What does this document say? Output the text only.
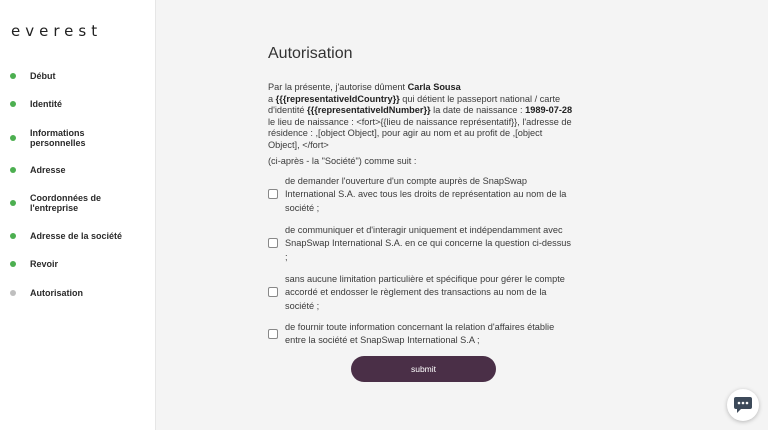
everest
Début
Identité
Informations personnelles
Adresse
Coordonnées de l'entreprise
Adresse de la société
Revoir
Autorisation
Autorisation
Par la présente, j'autorise dûment Carla Sousa
a {{{representativeIdCountry}} qui détient le passeport national / carte d'identité {{{representativeIdNumber}} la date de naissance : 1989-07-28 le lieu de naissance : <fort>{{lieu de naissance représentatif}}, l'adresse de résidence : ,[object Object], pour agir au nom et au profit de ,[object Object], </fort>
(ci-après - la "Société") comme suit :
de demander l'ouverture d'un compte auprès de SnapSwap International S.A. avec tous les droits de représentation au nom de la société ;
de communiquer et d'interagir uniquement et indépendamment avec SnapSwap International S.A. en ce qui concerne la question ci-dessus ;
sans aucune limitation particulière et spécifique pour gérer le compte accordé et endosser le règlement des transactions au nom de la société ;
de fournir toute information concernant la relation d'affaires établie entre la société et SnapSwap International S.A ;
submit
